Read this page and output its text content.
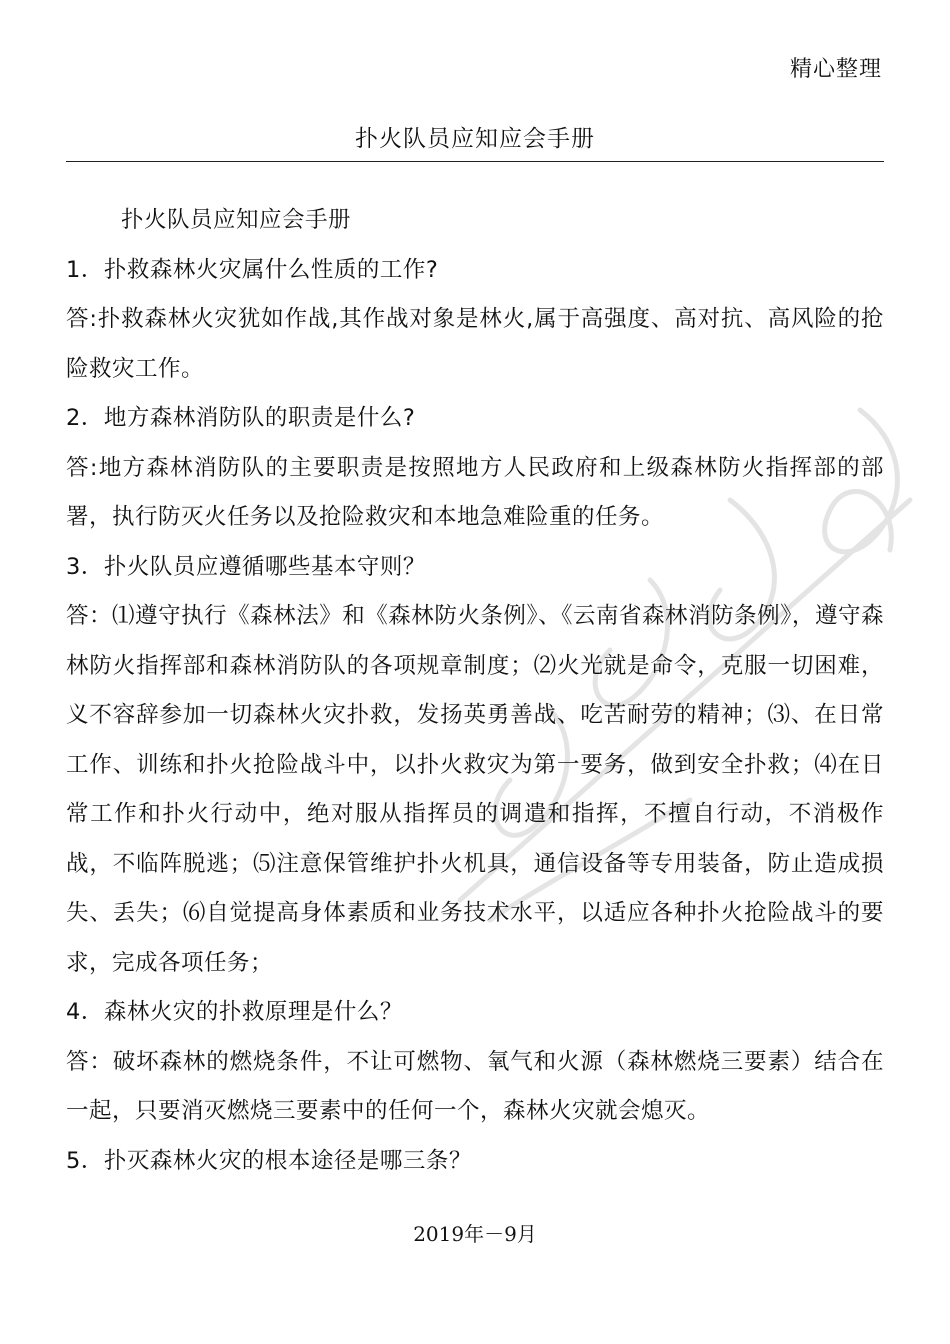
精心整理
扑火队员应知应会手册

扑火队员应知应会手册

1．扑救森林火灾属什么性质的工作?

答:扑救森林火灾犹如作战,其作战对象是林火,属于高强度、高对抗、高风险的抢险救灾工作。

2．地方森林消防队的职责是什么?

答:地方森林消防队的主要职责是按照地方人民政府和上级森林防火指挥部的部署，执行防灭火任务以及抢险救灾和本地急难险重的任务。

3．扑火队员应遵循哪些基本守则？

答：⑴遵守执行《森林法》和《森林防火条例》、《云南省森林消防条例》，遵守森林防火指挥部和森林消防队的各项规章制度；⑵火光就是命令，克服一切困难，义不容辞参加一切森林火灾扑救，发扬英勇善战、吃苦耐劳的精神；⑶、在日常工作、训练和扑火抢险战斗中，以扑火救灾为第一要务，做到安全扑救；⑷在日常工作和扑火行动中，绝对服从指挥员的调遣和指挥，不擅自行动，不消极作战，不临阵脱逃；⑸注意保管维护扑火机具，通信设备等专用装备，防止造成损失、丢失；⑹自觉提高身体素质和业务技术水平，以适应各种扑火抢险战斗的要求，完成各项任务；

4．森林火灾的扑救原理是什么？

答：破坏森林的燃烧条件，不让可燃物、氧气和火源（森林燃烧三要素）结合在一起，只要消灭燃烧三要素中的任何一个，森林火灾就会熄灭。

5．扑灭森林火灾的根本途径是哪三条？

2019年－9月
